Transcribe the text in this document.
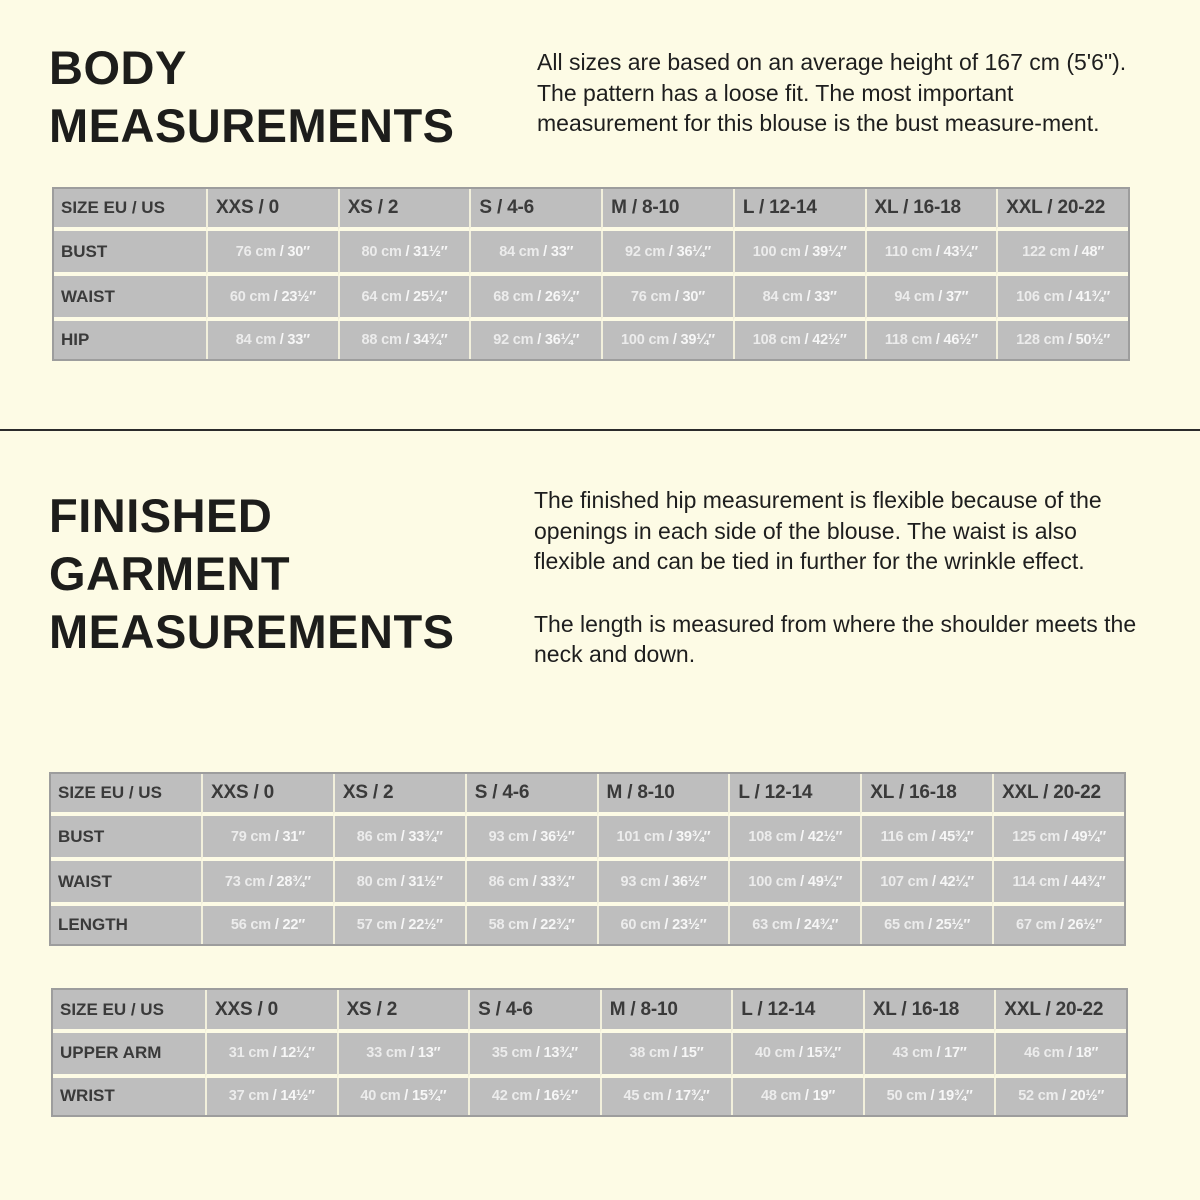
BODY
MEASUREMENTS

All sizes are based on an average height of 167 cm (5'6"). The pattern has a loose fit. The most important measurement for this blouse is the bust measure-ment.

SIZE EU / US	XXS / 0	XS / 2	S / 4-6	M / 8-10	L / 12-14	XL / 16-18	XXL / 20-22
BUST	76 cm / 30″	80 cm / 31½″	84 cm / 33″	92 cm / 36¼″	100 cm / 39¼″	110 cm / 43¼″	122 cm / 48″
WAIST	60 cm / 23½″	64 cm / 25¼″	68 cm / 26¾″	76 cm / 30″	84 cm / 33″	94 cm / 37″	106 cm / 41¾″
HIP	84 cm / 33″	88 cm / 34¾″	92 cm / 36¼″	100 cm / 39¼″	108 cm / 42½″	118 cm / 46½″	128 cm / 50½″
FINISHED
GARMENT
MEASUREMENTS

The finished hip measurement is flexible because of the openings in each side of the blouse. The waist is also flexible and can be tied in further for the wrinkle effect.

The length is measured from where the shoulder meets the neck and down.

SIZE EU / US	XXS / 0	XS / 2	S / 4-6	M / 8-10	L / 12-14	XL / 16-18	XXL / 20-22
BUST	79 cm / 31″	86 cm / 33¾″	93 cm / 36½″	101 cm / 39¾″	108 cm / 42½″	116 cm / 45¾″	125 cm / 49¼″
WAIST	73 cm / 28¾″	80 cm / 31½″	86 cm / 33¾″	93 cm / 36½″	100 cm / 49¼″	107 cm / 42¼″	114 cm / 44¾″
LENGTH	56 cm / 22″	57 cm / 22½″	58 cm / 22¾″	60 cm / 23½″	63 cm / 24¾″	65 cm / 25½″	67 cm / 26½″
SIZE EU / US	XXS / 0	XS / 2	S / 4-6	M / 8-10	L / 12-14	XL / 16-18	XXL / 20-22
UPPER ARM	31 cm / 12¼″	33 cm / 13″	35 cm / 13¾″	38 cm / 15″	40 cm / 15¾″	43 cm / 17″	46 cm / 18″
WRIST	37 cm / 14½″	40 cm / 15¾″	42 cm / 16½″	45 cm / 17¾″	48 cm / 19″	50 cm / 19¾″	52 cm / 20½″
